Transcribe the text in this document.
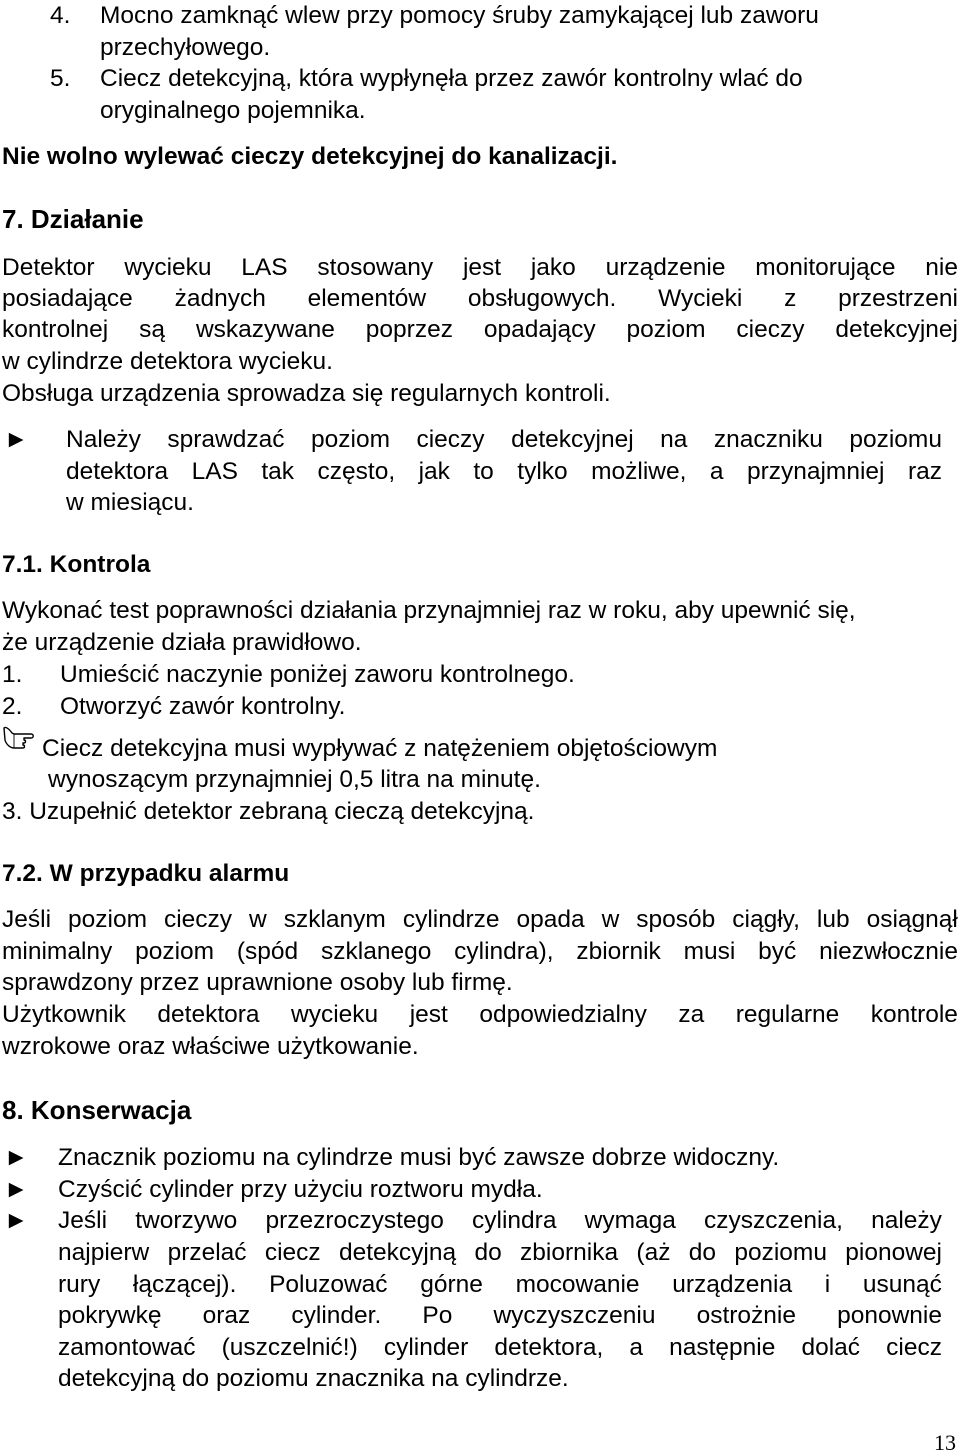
4. Mocno zamknąć wlew przy pomocy śruby zamykającej lub zaworu
przechyłowego.
5. Ciecz detekcyjną, która wypłynęła przez zawór kontrolny wlać do
oryginalnego pojemnika.
Nie wolno wylewać cieczy detekcyjnej do kanalizacji.
7. Działanie
Detektor wycieku LAS stosowany jest jako urządzenie monitorujące nie
posiadające żadnych elementów obsługowych. Wycieki z przestrzeni
kontrolnej są wskazywane poprzez opadający poziom cieczy detekcyjnej
w cylindrze detektora wycieku.
Obsługa urządzenia sprowadza się regularnych kontroli.
► Należy sprawdzać poziom cieczy detekcyjnej na znaczniku poziomu
detektora LAS tak często, jak to tylko możliwe, a przynajmniej raz
w miesiącu.
7.1. Kontrola
Wykonać test poprawności działania przynajmniej raz w roku, aby upewnić się,
że urządzenie działa prawidłowo.
1. Umieścić naczynie poniżej zaworu kontrolnego.
2. Otworzyć zawór kontrolny.
Ciecz detekcyjna musi wypływać z natężeniem objętościowym
wynoszącym przynajmniej 0,5 litra na minutę.
3. Uzupełnić detektor zebraną cieczą detekcyjną.
7.2. W przypadku alarmu
Jeśli poziom cieczy w szklanym cylindrze opada w sposób ciągły, lub osiągnął
minimalny poziom (spód szklanego cylindra), zbiornik musi być niezwłocznie
sprawdzony przez uprawnione osoby lub firmę.
Użytkownik detektora wycieku jest odpowiedzialny za regularne kontrole
wzrokowe oraz właściwe użytkowanie.
8. Konserwacja
► Znacznik poziomu na cylindrze musi być zawsze dobrze widoczny.
► Czyścić cylinder przy użyciu roztworu mydła.
► Jeśli tworzywo przezroczystego cylindra wymaga czyszczenia, należy
najpierw przelać ciecz detekcyjną do zbiornika (aż do poziomu pionowej
rury łączącej). Poluzować górne mocowanie urządzenia i usunąć
pokrywkę oraz cylinder. Po wyczyszczeniu ostrożnie ponownie
zamontować (uszczelnić!) cylinder detektora, a następnie dolać ciecz
detekcyjną do poziomu znacznika na cylindrze.
13
